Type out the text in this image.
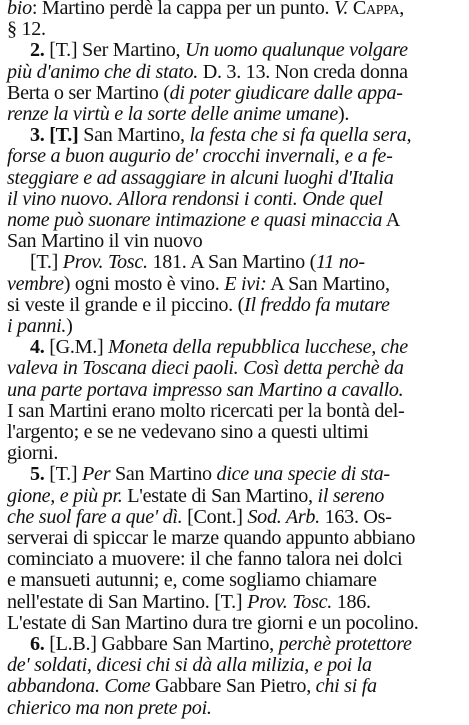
bio: Martino perdè la cappa per un punto. V. Cappa,
§ 12.
2. [T.] Ser Martino, Un uomo qualunque volgare
più d'animo che di stato. D. 3. 13. Non creda donna
Berta o ser Martino (di poter giudicare dalle appa-
renze la virtù e la sorte delle anime umane).
3. [T.] San Martino, la festa che si fa quella sera,
forse a buon augurio de' crocchi invernali, e a fe-
steggiare e ad assaggiare in alcuni luoghi d'Italia
il vino nuovo. Allora rendonsi i conti. Onde quel
nome può suonare intimazione e quasi minaccia A
San Martino il vin nuovo
[T.] Prov. Tosc. 181. A San Martino (11 no-
vembre) ogni mosto è vino. E ivi: A San Martino,
si veste il grande e il piccino. (Il freddo fa mutare
i panni.)
4. [G.M.] Moneta della repubblica lucchese, che
valeva in Toscana dieci paoli. Così detta perchè da
una parte portava impresso san Martino a cavallo.
I san Martini erano molto ricercati per la bontà del-
l'argento; e se ne vedevano sino a questi ultimi
giorni.
5. [T.] Per San Martino dice una specie di sta-
gione, e più pr. L'estate di San Martino, il sereno
che suol fare a que' dì. [Cont.] Sod. Arb. 163. Os-
serverai di spiccar le marze quando appunto abbiano
cominciato a muovere: il che fanno talora nei dolci
e mansueti autunni; e, come sogliamo chiamare
nell'estate di San Martino. [T.] Prov. Tosc. 186.
L'estate di San Martino dura tre giorni e un pocolino.
6. [L.B.] Gabbare San Martino, perchè protettore
de' soldati, dicesi chi si dà alla milizia, e poi la
abbandona. Come Gabbare San Pietro, chi si fa
chierico ma non prete poi.
